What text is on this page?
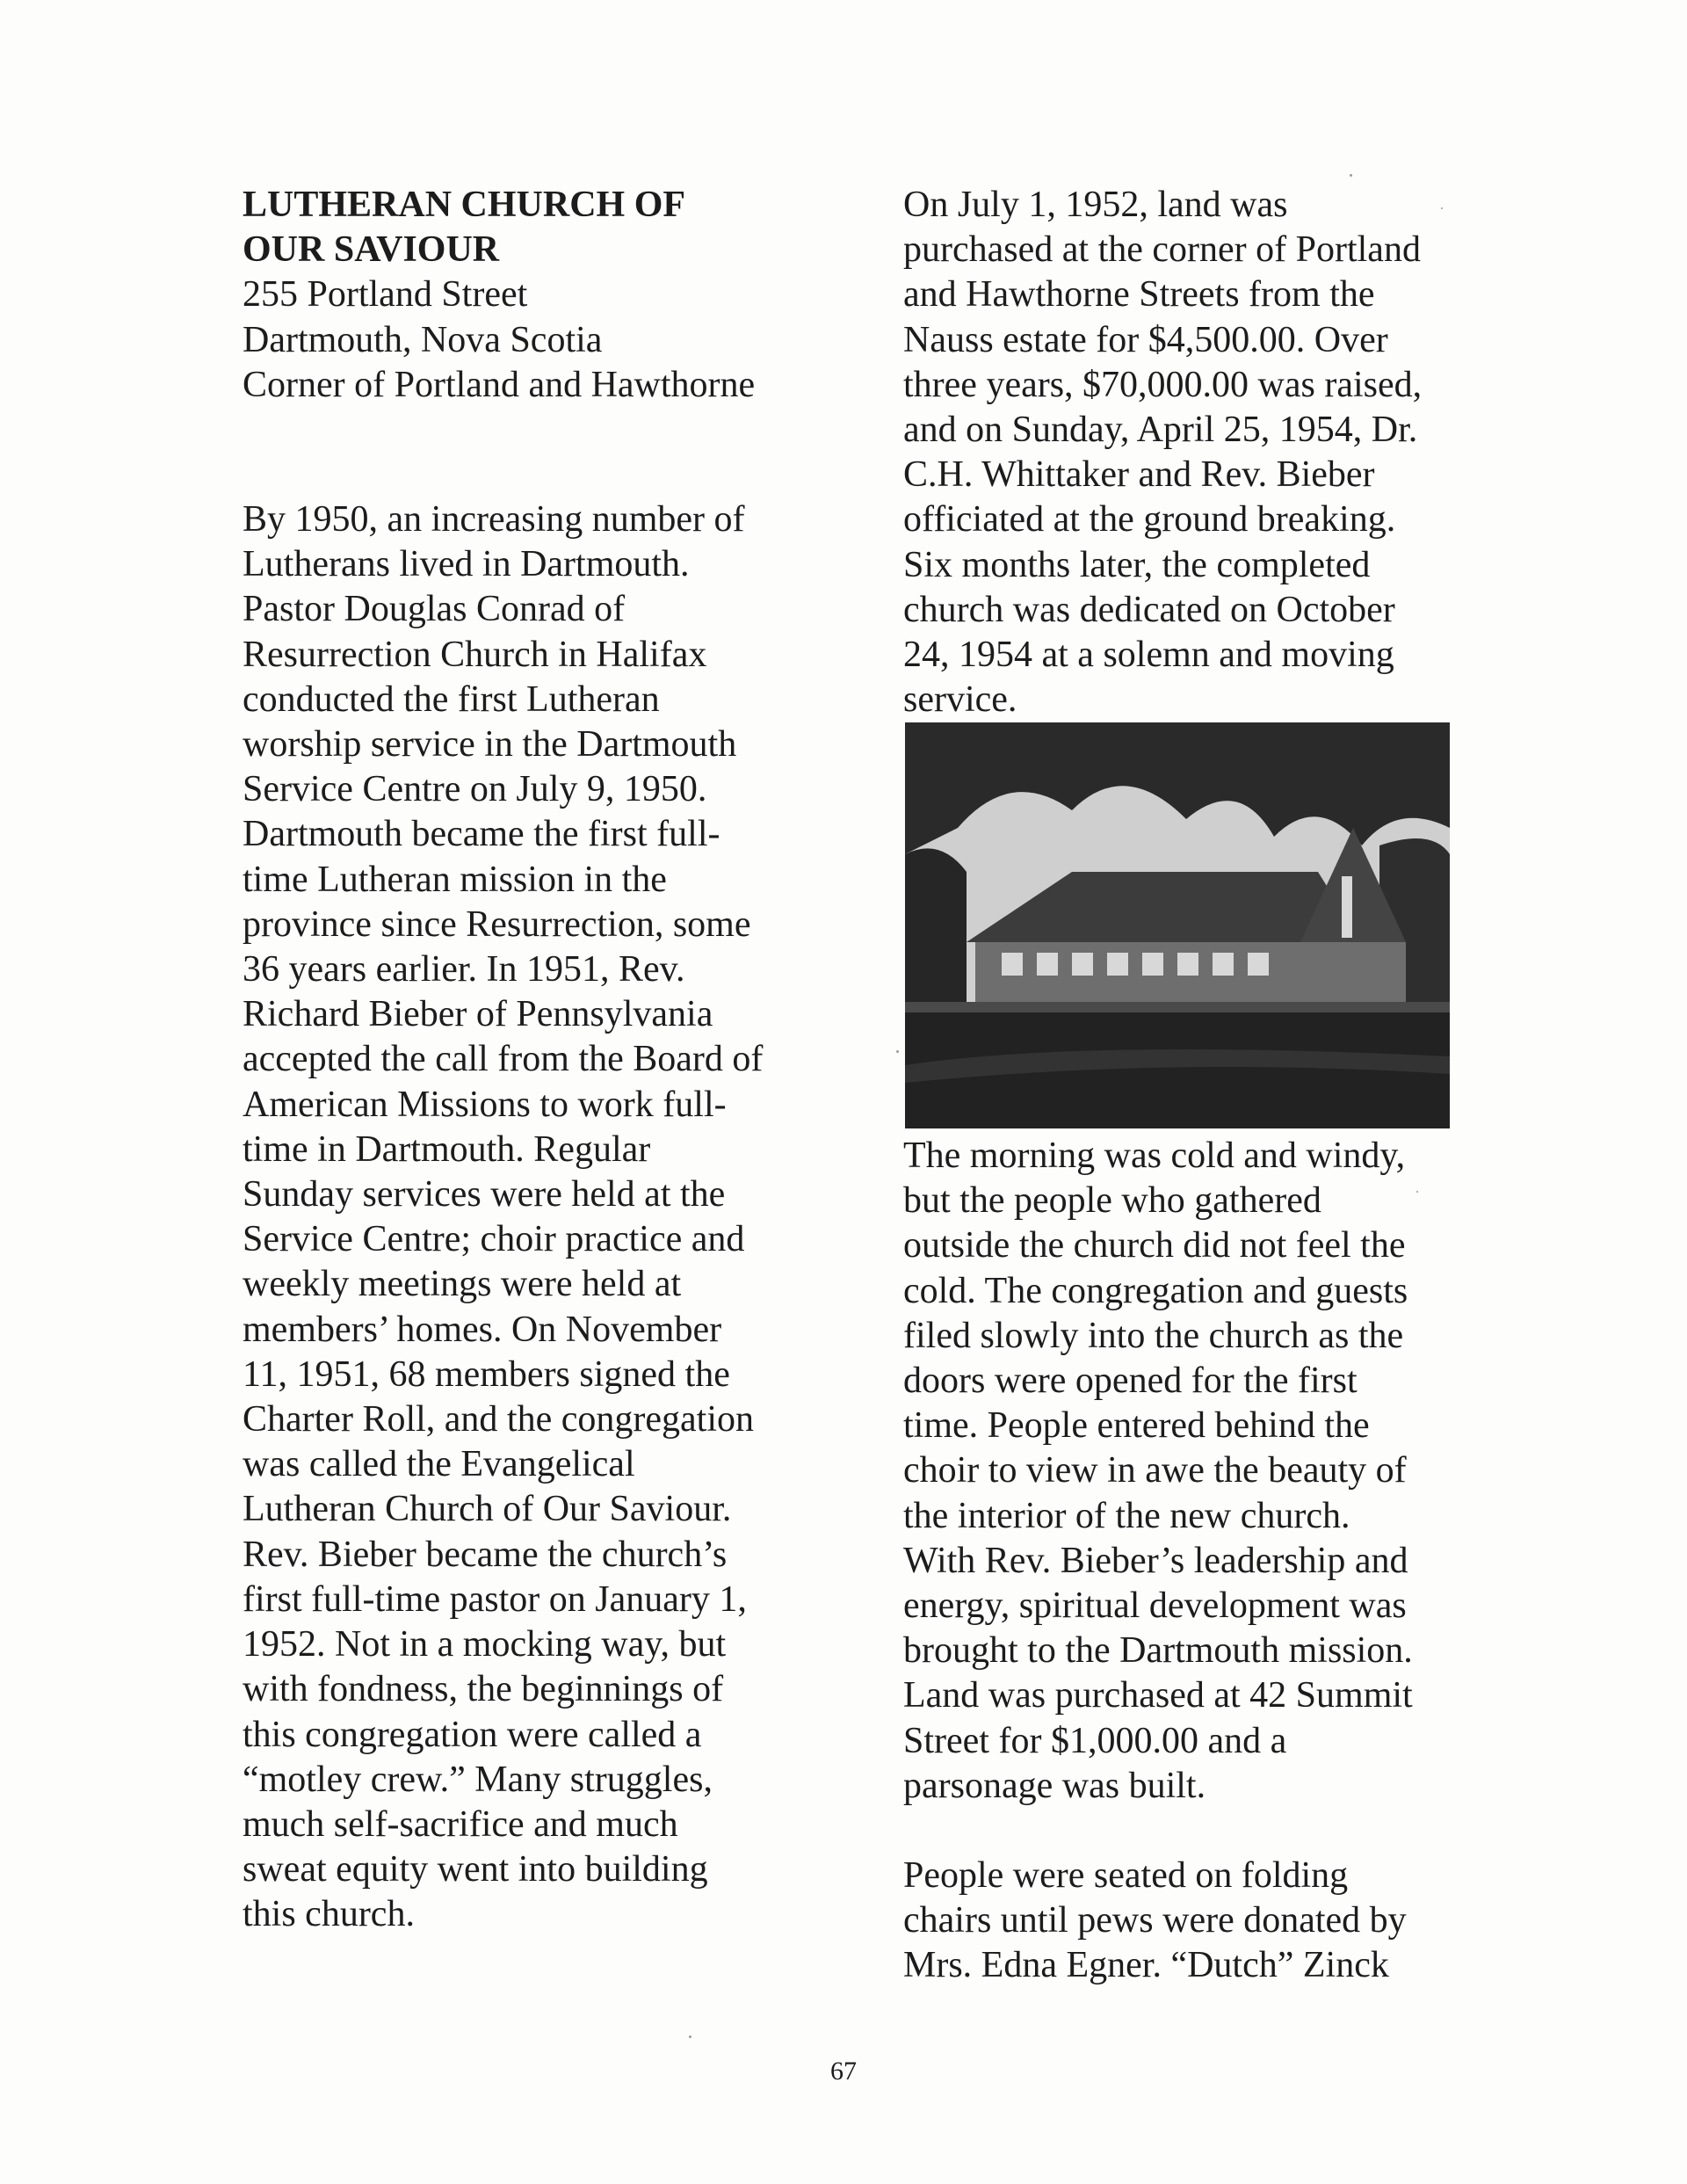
LUTHERAN CHURCH OF
OUR SAVIOUR
255 Portland Street
Dartmouth, Nova Scotia
Corner of Portland and Hawthorne
By 1950, an increasing number of
Lutherans lived in Dartmouth.
Pastor Douglas Conrad of
Resurrection Church in Halifax
conducted the first Lutheran
worship service in the Dartmouth
Service Centre on July 9, 1950.
Dartmouth became the first full-
time Lutheran mission in the
province since Resurrection, some
36 years earlier. In 1951, Rev.
Richard Bieber of Pennsylvania
accepted the call from the Board of
American Missions to work full-
time in Dartmouth. Regular
Sunday services were held at the
Service Centre; choir practice and
weekly meetings were held at
members’ homes. On November
11, 1951, 68 members signed the
Charter Roll, and the congregation
was called the Evangelical
Lutheran Church of Our Saviour.
Rev. Bieber became the church’s
first full-time pastor on January 1,
1952. Not in a mocking way, but
with fondness, the beginnings of
this congregation were called a
“motley crew.” Many struggles,
much self-sacrifice and much
sweat equity went into building
this church.
On July 1, 1952, land was
purchased at the corner of Portland
and Hawthorne Streets from the
Nauss estate for $4,500.00. Over
three years, $70,000.00 was raised,
and on Sunday, April 25, 1954, Dr.
C.H. Whittaker and Rev. Bieber
officiated at the ground breaking.
Six months later, the completed
church was dedicated on October
24, 1954 at a solemn and moving
service.
The morning was cold and windy,
but the people who gathered
outside the church did not feel the
cold. The congregation and guests
filed slowly into the church as the
doors were opened for the first
time. People entered behind the
choir to view in awe the beauty of
the interior of the new church.
With Rev. Bieber’s leadership and
energy, spiritual development was
brought to the Dartmouth mission.
Land was purchased at 42 Summit
Street for $1,000.00 and a
parsonage was built.
People were seated on folding
chairs until pews were donated by
Mrs. Edna Egner. “Dutch” Zinck
67
